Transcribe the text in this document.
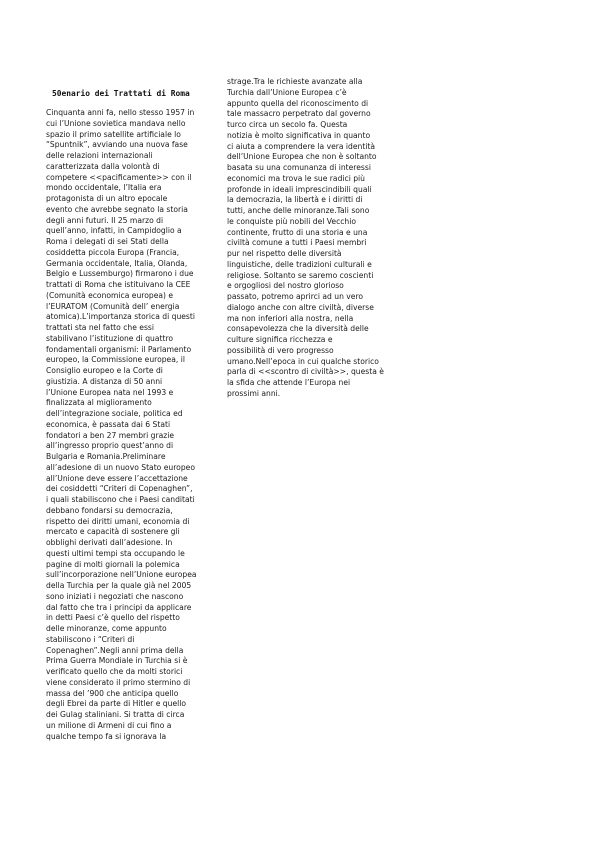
50enario dei Trattati di Roma
Cinquanta anni fa, nello stesso 1957 in
cui l’Unione sovietica mandava nello
spazio il primo satellite artificiale lo
“Spuntnik”, avviando una nuova fase
delle relazioni internazionali
caratterizzata dalla volontà di
competere <<pacificamente>> con il
mondo occidentale, l’Italia era
protagonista di un altro epocale
evento che avrebbe segnato la storia
degli anni futuri. Il 25 marzo di
quell’anno, infatti, in Campidoglio a
Roma i delegati di sei Stati della
cosiddetta piccola Europa (Francia,
Germania occidentale, Italia, Olanda,
Belgio e Lussemburgo) firmarono i due
trattati di Roma che istituivano la CEE
(Comunità economica europea) e
l’EURATOM (Comunità dell’ energia
atomica).L’importanza storica di questi
trattati sta nel fatto che essi
stabilivano l’istituzione di quattro
fondamentali organismi: il Parlamento
europeo, la Commissione europea, il
Consiglio europeo e la Corte di
giustizia. A distanza di 50 anni
l’Unione Europea nata nel 1993 e
finalizzata al miglioramento
dell’integrazione sociale, politica ed
economica, è passata dai 6 Stati
fondatori a ben 27 membri grazie
all’ingresso proprio quest’anno di
Bulgaria e Romania.Preliminare
all’adesione di un nuovo Stato europeo
all’Unione deve essere l’accettazione
dei cosiddetti “Criteri di Copenaghen”,
i quali stabiliscono che i Paesi canditati
debbano fondarsi su democrazia,
rispetto dei diritti umani, economia di
mercato e capacità di sostenere gli
obblighi derivati dall’adesione. In
questi ultimi tempi sta occupando le
pagine di molti giornali la polemica
sull’incorporazione nell’Unione europea
della Turchia per la quale già nel 2005
sono iniziati i negoziati che nascono
dal fatto che tra i principi da applicare
in detti Paesi c’è quello del rispetto
delle minoranze, come appunto
stabiliscono i “Criteri di
Copenaghen”.Negli anni prima della
Prima Guerra Mondiale in Turchia si è
verificato quello che da molti storici
viene considerato il primo stermino di
massa del ’900 che anticipa quello
degli Ebrei da parte di Hitler e quello
dei Gulag staliniani. Si tratta di circa
un milione di Armeni di cui fino a
qualche tempo fa si ignorava la
strage.Tra le richieste avanzate alla
Turchia dall’Unione Europea c’è
appunto quella del riconoscimento di
tale massacro perpetrato dal governo
turco circa un secolo fa. Questa
notizia è molto significativa in quanto
ci aiuta a comprendere la vera identità
dell’Unione Europea che non è soltanto
basata su una comunanza di interessi
economici ma trova le sue radici più
profonde in ideali imprescindibili quali
la democrazia, la libertà e i diritti di
tutti, anche delle minoranze.Tali sono
le conquiste più nobili del Vecchio
continente, frutto di una storia e una
civiltà comune a tutti i Paesi membri
pur nel rispetto delle diversità
linguistiche, delle tradizioni culturali e
religiose. Soltanto se saremo coscienti
e orgogliosi del nostro glorioso
passato, potremo aprirci ad un vero
dialogo anche con altre civiltà, diverse
ma non inferiori alla nostra, nella
consapevolezza che la diversità delle
culture significa ricchezza e
possibilità di vero progresso
umano.Nell’epoca in cui qualche storico
parla di <<scontro di civiltà>>, questa è
la sfida che attende l’Europa nei
prossimi anni.
